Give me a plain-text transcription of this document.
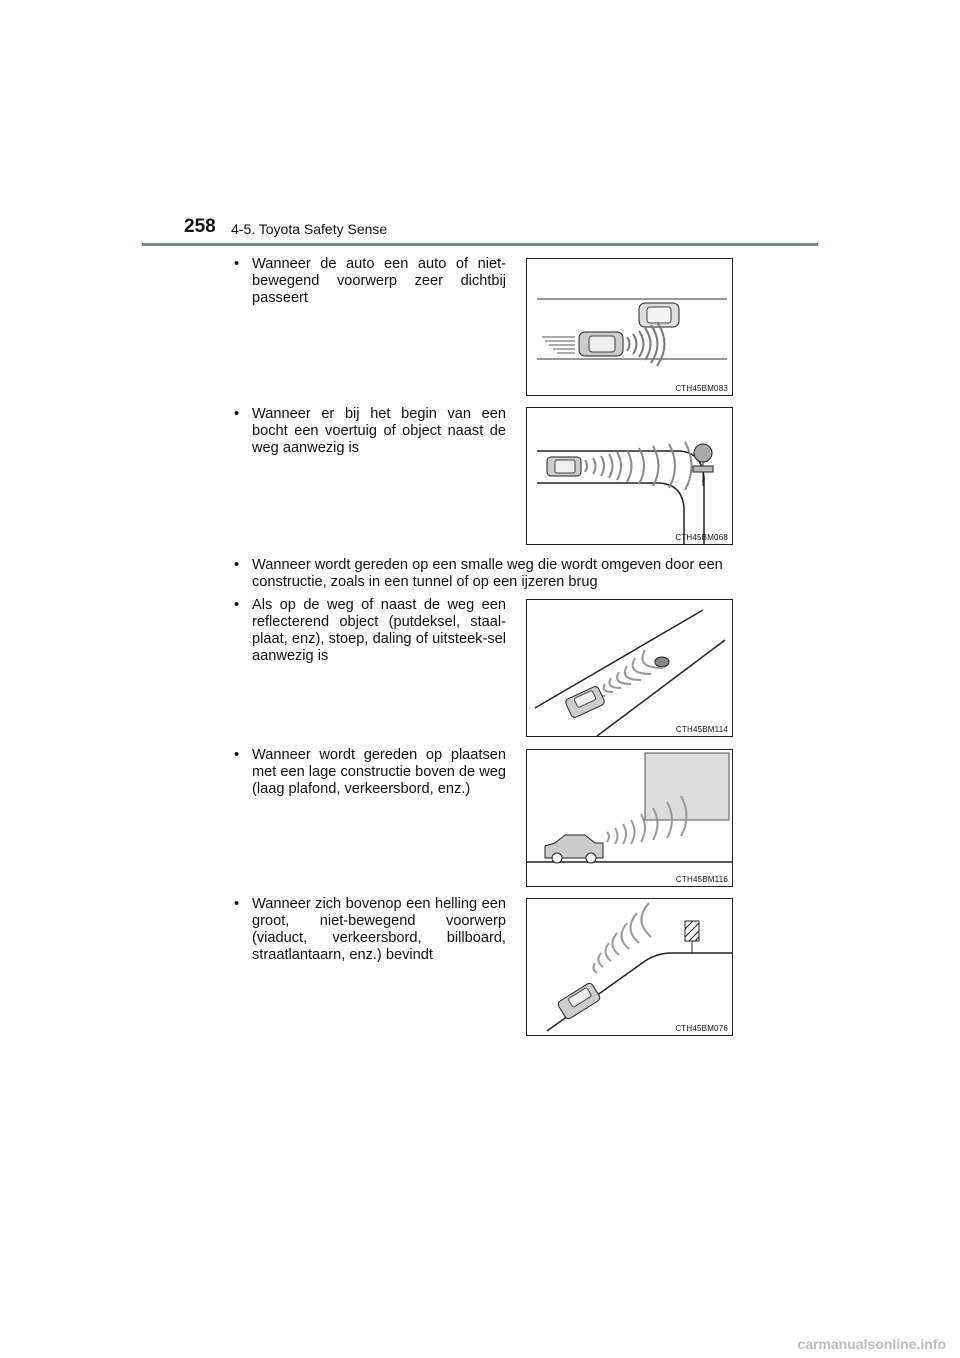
258 4-5. Toyota Safety Sense
• Wanneer de auto een auto of niet-bewegend voorwerp zeer dichtbij passeert
CTH45BM083
• Wanneer er bij het begin van een bocht een voertuig of object naast de weg aanwezig is
CTH45BM068
• Wanneer wordt gereden op een smalle weg die wordt omgeven door een constructie, zoals in een tunnel of op een ijzeren brug
• Als op de weg of naast de weg een reflecterend object (putdeksel, staal-plaat, enz), stoep, daling of uitsteek-sel aanwezig is
CTH45BM114
• Wanneer wordt gereden op plaatsen met een lage constructie boven de weg (laag plafond, verkeersbord, enz.)
CTH45BM116
• Wanneer zich bovenop een helling een groot, niet-bewegend voorwerp (viaduct, verkeersbord, billboard, straatlantaarn, enz.) bevindt
CTH45BM076
carmanualsonline.info
